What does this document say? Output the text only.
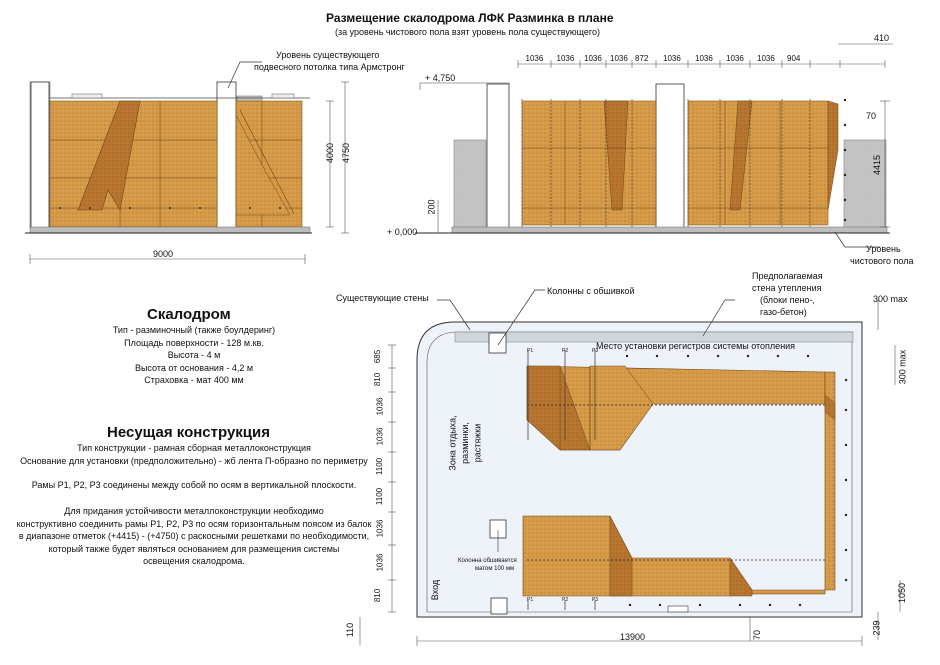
Размещение скалодрома ЛФК Разминка в плане
(за уровень чистового пола взят уровень пола существующего)
Уровень существующего
подвесного потолка типа Армстронг
9000
4000 4750
+ 4,750
+ 0,000
200
Уровень
чистового пола
410
4415
70
1036 1036 1036 1036 872 1036 1036 1036 1036 904
Существующие стены
Колонны с обшивкой
Предполагаемая
стена утепления
(блоки пено-,
газо-бетон)
Место установки регистров системы отопления
Зона отдыха, разминки, растяжки
Колонна обшивается
матом 100 мм
Вход
13900	70
110
300 max
300 max
1050
239
685
810
1036
1036
1100
1100
1036
1036
810
Р1	Р2	Р3
Р1	Р2	Р3
Скалодром
Тип - разминочный (также боулдеринг)
Площадь поверхности - 128 м.кв.
Высота - 4 м
Высота от основания - 4,2 м
Страховка - мат 400 мм
Несущая конструкция
Тип конструкции - рамная сборная металлоконструкция
Основание для установки (предположительно) - жб лента П-образно по периметру
Рамы Р1, Р2, Р3 соединены между собой по осям в вертикальной плоскости.
Для придания устойчивости металлоконструкции необходимо
конструктивно соединить рамы Р1, Р2, Р3 по осям горизонтальным поясом из балок
в диапазоне отметок (+4415) - (+4750) с раскосными решетками по необходимости,
который также будет являться основанием для размещения системы
освещения скалодрома.
